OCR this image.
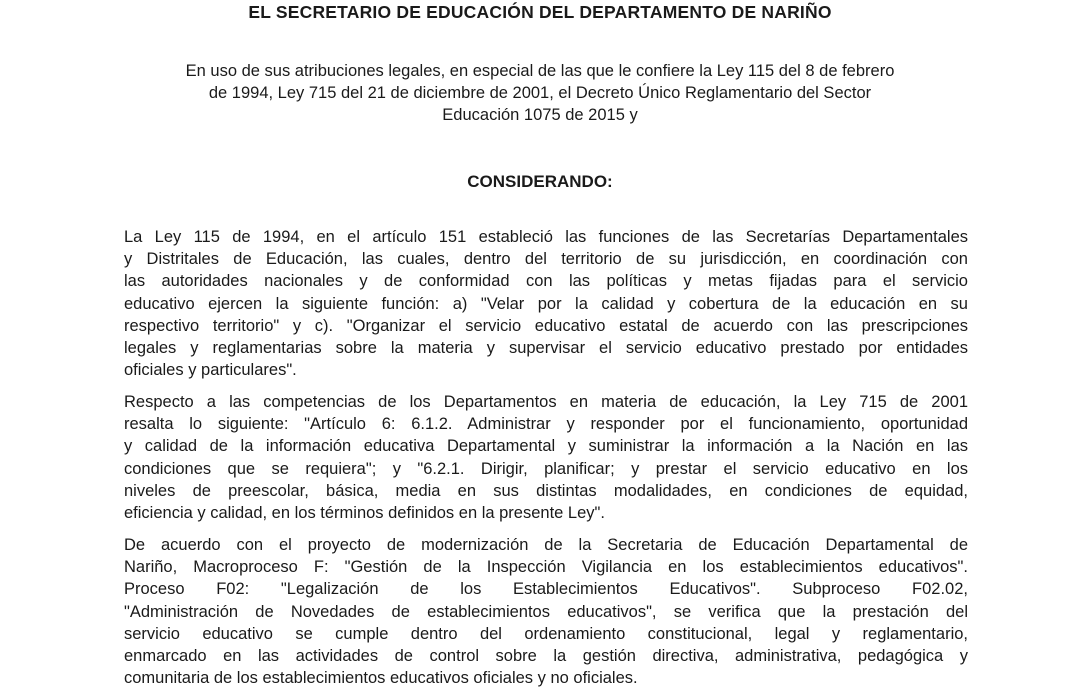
EL SECRETARIO DE EDUCACIÓN DEL DEPARTAMENTO DE NARIÑO
En uso de sus atribuciones legales, en especial de las que le confiere la Ley 115 del 8 de febrero
de 1994, Ley 715 del 21 de diciembre de 2001, el Decreto Único Reglamentario del Sector
Educación 1075 de 2015 y
CONSIDERANDO:
La Ley 115 de 1994, en el artículo 151 estableció las funciones de las Secretarías Departamentales
y Distritales de Educación, las cuales, dentro del territorio de su jurisdicción, en coordinación con
las autoridades nacionales y de conformidad con las políticas y metas fijadas para el servicio
educativo ejercen la siguiente función: a) "Velar por la calidad y cobertura de la educación en su
respectivo territorio" y c). "Organizar el servicio educativo estatal de acuerdo con las prescripciones
legales y reglamentarias sobre la materia y supervisar el servicio educativo prestado por entidades
oficiales y particulares".
Respecto a las competencias de los Departamentos en materia de educación, la Ley 715 de 2001
resalta lo siguiente: "Artículo 6: 6.1.2. Administrar y responder por el funcionamiento, oportunidad
y calidad de la información educativa Departamental y suministrar la información a la Nación en las
condiciones que se requiera"; y "6.2.1. Dirigir, planificar; y prestar el servicio educativo en los
niveles de preescolar, básica, media en sus distintas modalidades, en condiciones de equidad,
eficiencia y calidad, en los términos definidos en la presente Ley".
De acuerdo con el proyecto de modernización de la Secretaria de Educación Departamental de
Nariño, Macroproceso F: "Gestión de la Inspección Vigilancia en los establecimientos educativos".
Proceso F02: "Legalización de los Establecimientos Educativos". Subproceso F02.02,
"Administración de Novedades de establecimientos educativos", se verifica que la prestación del
servicio educativo se cumple dentro del ordenamiento constitucional, legal y reglamentario,
enmarcado en las actividades de control sobre la gestión directiva, administrativa, pedagógica y
comunitaria de los establecimientos educativos oficiales y no oficiales.
